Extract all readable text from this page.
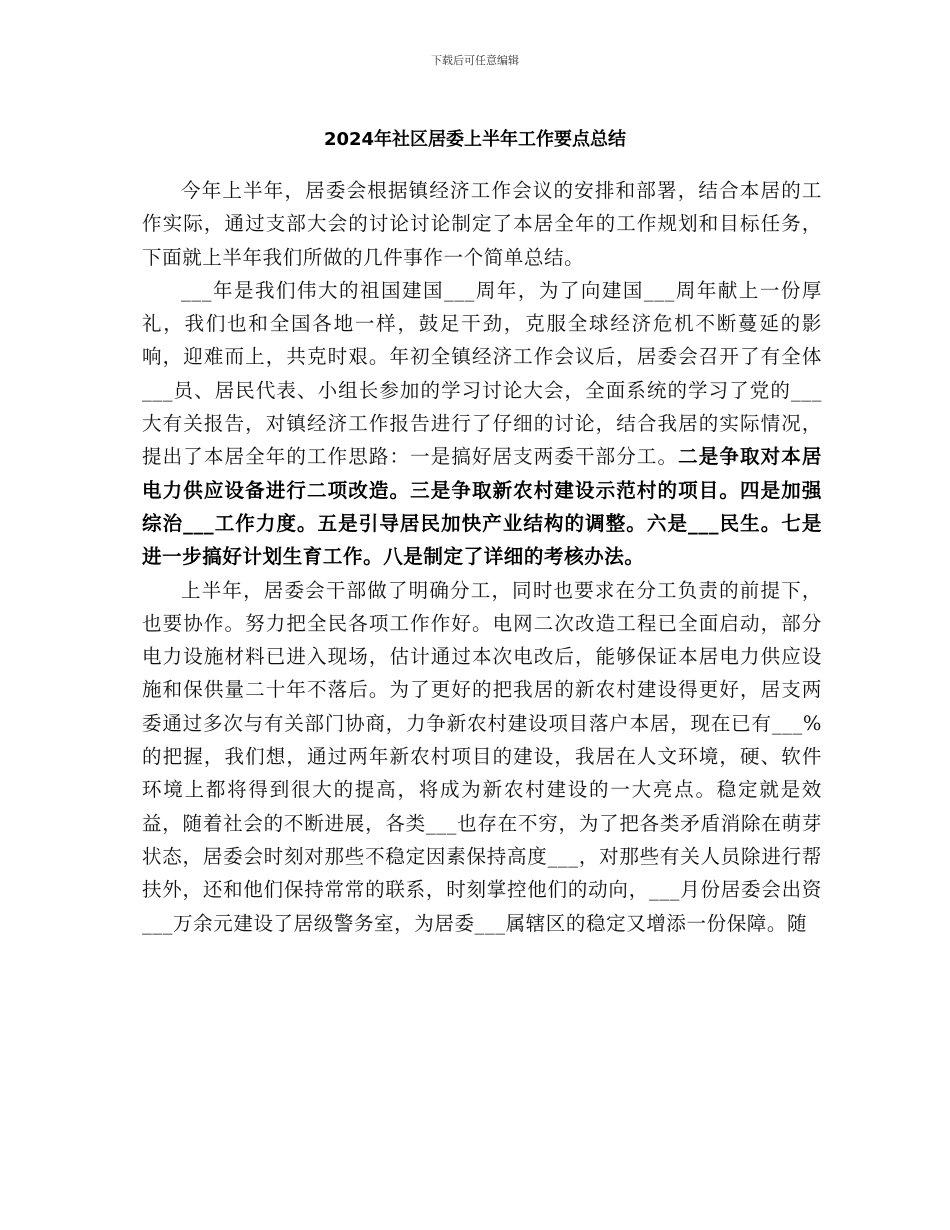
下载后可任意编辑
2024年社区居委上半年工作要点总结

今年上半年，居委会根据镇经济工作会议的安排和部署，结合本居的工作实际，通过支部大会的讨论讨论制定了本居全年的工作规划和目标任务，下面就上半年我们所做的几件事作一个简单总结。

___年是我们伟大的祖国建国___周年，为了向建国___周年献上一份厚礼，我们也和全国各地一样，鼓足干劲，克服全球经济危机不断蔓延的影响，迎难而上，共克时艰。年初全镇经济工作会议后，居委会召开了有全体___员、居民代表、小组长参加的学习讨论大会，全面系统的学习了党的___大有关报告，对镇经济工作报告进行了仔细的讨论，结合我居的实际情况，提出了本居全年的工作思路：一是搞好居支两委干部分工。二是争取对本居电力供应设备进行二项改造。三是争取新农村建设示范村的项目。四是加强综治___工作力度。五是引导居民加快产业结构的调整。六是___民生。七是进一步搞好计划生育工作。八是制定了详细的考核办法。

上半年，居委会干部做了明确分工，同时也要求在分工负责的前提下，也要协作。努力把全民各项工作作好。电网二次改造工程已全面启动，部分电力设施材料已进入现场，估计通过本次电改后，能够保证本居电力供应设施和保供量二十年不落后。为了更好的把我居的新农村建设得更好，居支两委通过多次与有关部门协商，力争新农村建设项目落户本居，现在已有___%的把握，我们想，通过两年新农村项目的建设，我居在人文环境，硬、软件环境上都将得到很大的提高，将成为新农村建设的一大亮点。稳定就是效益，随着社会的不断进展，各类___也存在不穷，为了把各类矛盾消除在萌芽状态，居委会时刻对那些不稳定因素保持高度___，对那些有关人员除进行帮扶外，还和他们保持常常的联系，时刻掌控他们的动向，___月份居委会出资___万余元建设了居级警务室，为居委___属辖区的稳定又增添一份保障。随
